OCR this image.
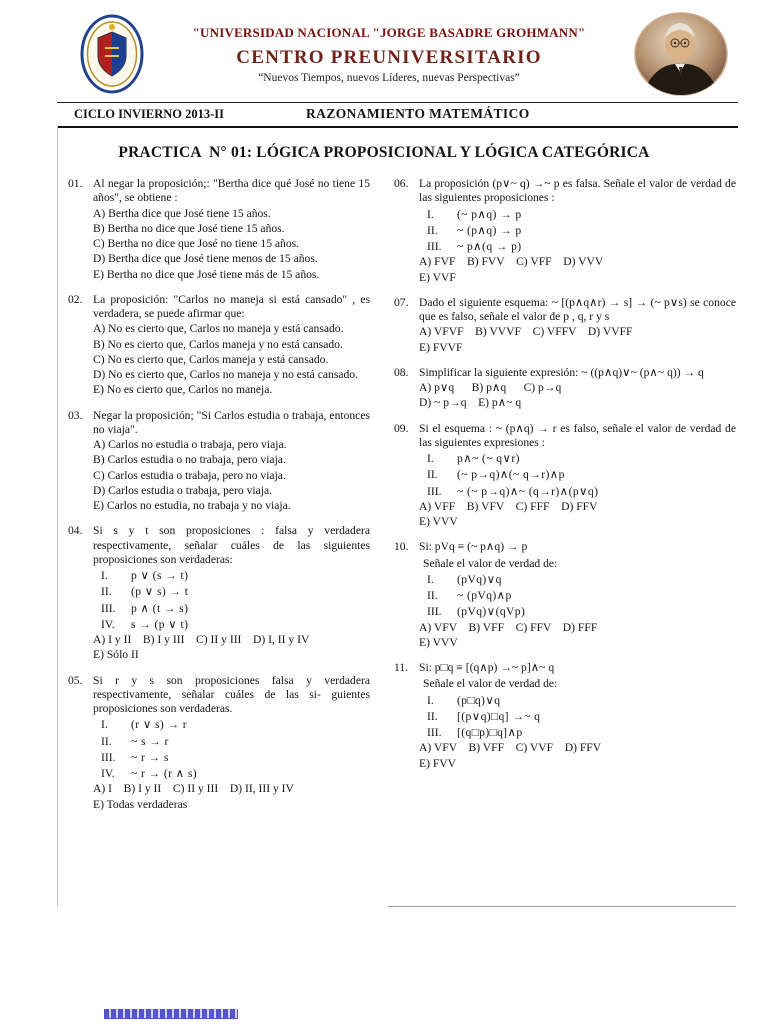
"UNIVERSIDAD NACIONAL "JORGE BASADRE GROHMANN"
CENTRO PREUNIVERSITARIO
“Nuevos Tiempos, nuevos Líderes, nuevas Perspectivas”
CICLO INVIERNO 2013-II	RAZONAMIENTO MATEMÁTICO
PRACTICA  N° 01: LÓGICA PROPOSICIONAL Y LÓGICA CATEGÓRICA
01. Al negar la proposición;: "Bertha dice qué José no tiene 15 años", se obtiene :
A) Bertha dice que José tiene 15 años.
B) Bertha no dice que José tiene 15 años.
C) Bertha no dice que José no tiene 15 años.
D) Bertha dice que José tiene menos de 15 años.
E) Bertha no dice que José tiene más de 15 años.
02. La proposición: "Carlos no maneja si está cansado" , es verdadera, se puede afirmar que:
A) No es cierto que, Carlos no maneja y está cansado.
B) No es cierto que, Carlos maneja y no está cansado.
C) No es cierto que, Carlos maneja y está cansado.
D) No es cierto que, Carlos no maneja y no está cansado.
E) No es cierto que, Carlos no maneja.
03. Negar la proposición; "Si Carlos estudia o trabaja, entonces no viaja".
A) Carlos no estudia o trabaja, pero viaja.
B) Carlos estudia o no trabaja, pero viaja.
C) Carlos estudia o trabaja, pero no viaja.
D) Carlos estudia o trabaja, pero viaja.
E) Carlos no estudia, no trabaja y no viaja.
04. Si s y t son proposiciones : falsa y verdadera respectivamente, señalar cuáles de las siguientes proposiciones son verdaderas:
I.	p ∨ (s → t)
II.	(p ∨ s) → t
III.	p ∧ (t → s)
IV.	s → (p ∨ t)
A) I y II    B) I y III    C) II y III    D) I, II y IV
E) Sólo II
05. Si r y s son proposiciones falsa y verdadera respectivamente, señalar cuáles de las si- guientes proposiciones son verdaderas.
I.	(r ∨ s) → r
II.	~ s → r
III.	~ r → s
IV.	~ r → (r ∧ s)
A) I    B) I y II    C) II y III    D) II, III y IV
E) Todas verdaderas
06. La proposición (p∨~ q) →~ p es falsa. Señale el valor de verdad de las siguientes proposiciones :
I.	(~ p∧q) → p
II.	~ (p∧q) → p
III.	~ p∧(q → p)
A) FVF    B) FVV    C) VFF    D) VVV
E) VVF
07. Dado el siguiente esquema: ~ [(p∧q∧r) → s] → (~ p∨s) se conoce que es falso, señale el valor de p , q, r y s
A) VFVF    B) VVVF    C) VFFV    D) VVFF
E) FVVF
08. Simplificar la siguiente expresión: ~ ((p∧q)∨~ (p∧~ q)) → q
A) p∨q      B) p∧q      C) p→q
D) ~ p→q    E) p∧~ q
09. Si el esquema : ~ (p∧q) → r es falso, señale el valor de verdad de las siguientes expresiones :
I.	p∧~ (~ q∨r)
II.	(~ p→q)∧(~ q→r)∧p
III.	~ (~ p→q)∧~ (q→r)∧(p∨q)
A) VFF    B) VFV    C) FFF    D) FFV
E) VVV
10. Si: pVq ≡ (~ p∧q) → p
Señale el valor de verdad de:
I.	(pVq)∨q
II.	~ (pVq)∧p
III.	(pVq)∨(qVp)
A) VFV    B) VFF    C) FFV    D) FFF
E) VVV
11. Si: p□q ≡ [(q∧p) →~ p]∧~ q
Señale el valor de verdad de:
I.	(p□q)∨q
II.	[(p∨q)□q] →~ q
III.	[(q□p)□q]∧p
A) VFV    B) VFF    C) VVF    D) FFV
E) FVV
